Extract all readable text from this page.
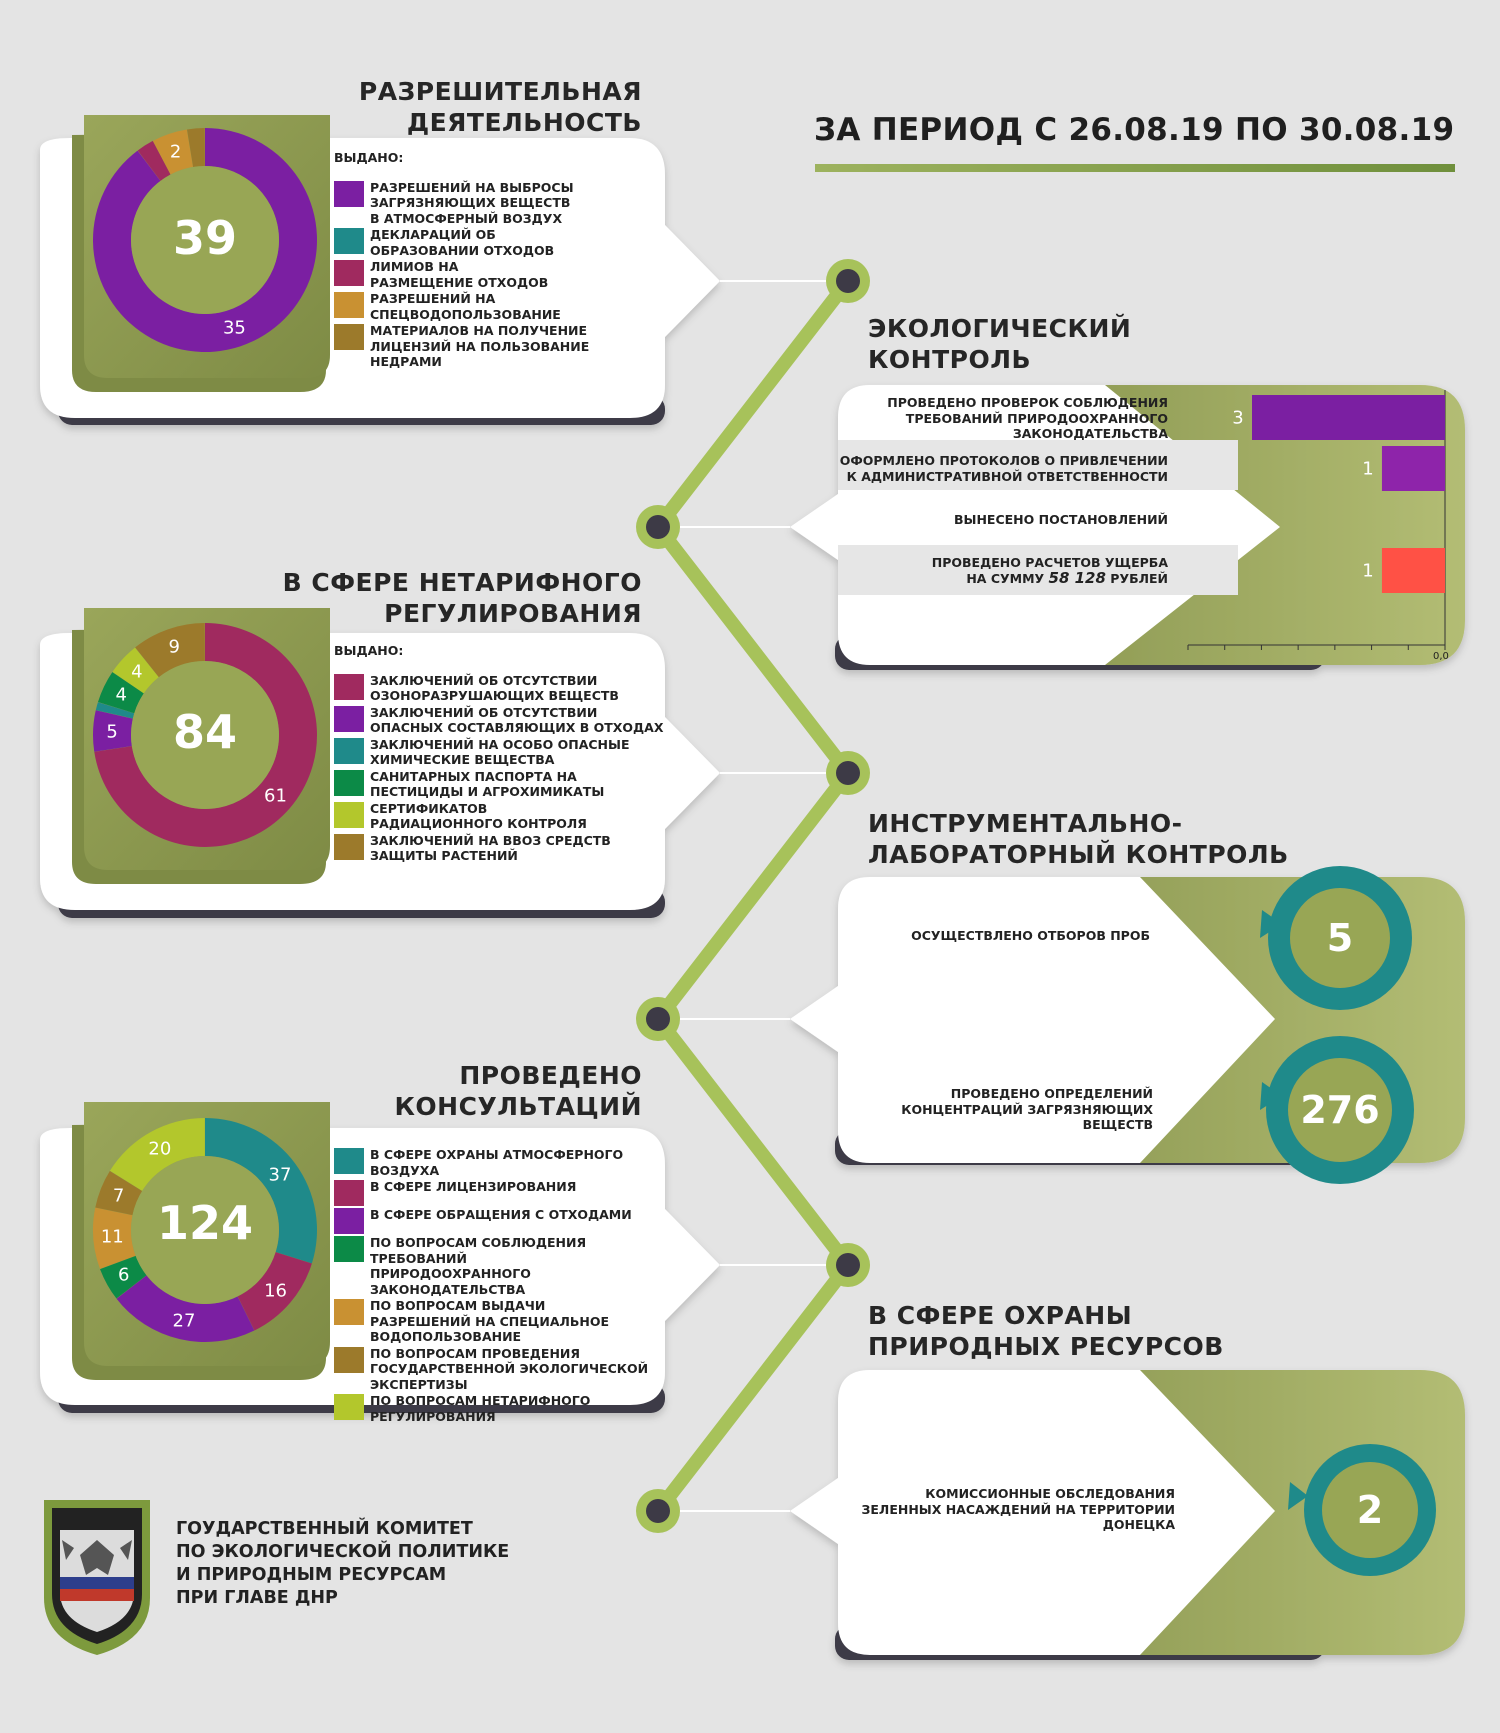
ЗА ПЕРИОД С 26.08.19 ПО 30.08.19
РАЗРЕШИТЕЛЬНАЯ
ДЕЯТЕЛЬНОСТЬ
ЭКОЛОГИЧЕСКИЙ
КОНТРОЛЬ
В СФЕРЕ НЕТАРИФНОГО
РЕГУЛИРОВАНИЯ
ИНСТРУМЕНТАЛЬНО-
ЛАБОРАТОРНЫЙ КОНТРОЛЬ
ПРОВЕДЕНО
КОНСУЛЬТАЦИЙ
В СФЕРЕ ОХРАНЫ
ПРИРОДНЫХ РЕСУРСОВ
39
84
124
35
2
61
5
4
4
9
37
16
27
6
11
7
20
ВЫДАНО:
РАЗРЕШЕНИЙ НА ВЫБРОСЫ
ЗАГРЯЗНЯЮЩИХ ВЕЩЕСТВ
В АТМОСФЕРНЫЙ ВОЗДУХ
ДЕКЛАРАЦИЙ ОБ
ОБРАЗОВАНИИ ОТХОДОВ
ЛИМИОВ НА
РАЗМЕЩЕНИЕ ОТХОДОВ
РАЗРЕШЕНИЙ НА
СПЕЦВОДОПОЛЬЗОВАНИЕ
МАТЕРИАЛОВ НА ПОЛУЧЕНИЕ
ЛИЦЕНЗИЙ НА ПОЛЬЗОВАНИЕ НЕДРАМИ
ВЫДАНО:
ЗАКЛЮЧЕНИЙ ОБ ОТСУТСТВИИ
ОЗОНОРАЗРУШАЮЩИХ ВЕЩЕСТВ
ЗАКЛЮЧЕНИЙ ОБ ОТСУТСТВИИ
ОПАСНЫХ СОСТАВЛЯЮЩИХ В ОТХОДАХ
ЗАКЛЮЧЕНИЙ НА ОСОБО ОПАСНЫЕ
ХИМИЧЕСКИЕ ВЕЩЕСТВА
САНИТАРНЫХ ПАСПОРТА НА
ПЕСТИЦИДЫ И АГРОХИМИКАТЫ
СЕРТИФИКАТОВ
РАДИАЦИОННОГО КОНТРОЛЯ
ЗАКЛЮЧЕНИЙ НА ВВОЗ СРЕДСТВ
ЗАЩИТЫ РАСТЕНИЙ
В СФЕРЕ ОХРАНЫ АТМОСФЕРНОГО
ВОЗДУХА
В СФЕРЕ ЛИЦЕНЗИРОВАНИЯ
В СФЕРЕ ОБРАЩЕНИЯ С ОТХОДАМИ
ПО ВОПРОСАМ СОБЛЮДЕНИЯ ТРЕБОВАНИЙ
ПРИРОДООХРАННОГО ЗАКОНОДАТЕЛЬСТВА
ПО ВОПРОСАМ ВЫДАЧИ
РАЗРЕШЕНИЙ НА СПЕЦИАЛЬНОЕ
ВОДОПОЛЬЗОВАНИЕ
ПО ВОПРОСАМ ПРОВЕДЕНИЯ
ГОСУДАРСТВЕННОЙ ЭКОЛОГИЧЕСКОЙ
ЭКСПЕРТИЗЫ
ПО ВОПРОСАМ НЕТАРИФНОГО
РЕГУЛИРОВАНИЯ
ПРОВЕДЕНО ПРОВЕРОК СОБЛЮДЕНИЯ
ТРЕБОВАНИЙ ПРИРОДООХРАННОГО
ЗАКОНОДАТЕЛЬСТВА
ОФОРМЛЕНО ПРОТОКОЛОВ О ПРИВЛЕЧЕНИИ
К АДМИНИСТРАТИВНОЙ ОТВЕТСТВЕННОСТИ
ВЫНЕСЕНО ПОСТАНОВЛЕНИЙ
ПРОВЕДЕНО РАСЧЕТОВ УЩЕРБА
НА СУММУ 58 128 РУБЛЕЙ
0,0
3
1
1
ОСУЩЕСТВЛЕНО ОТБОРОВ ПРОБ
ПРОВЕДЕНО ОПРЕДЕЛЕНИЙ
КОНЦЕНТРАЦИЙ ЗАГРЯЗНЯЮЩИХ
ВЕЩЕСТВ
5
276
КОМИССИОННЫЕ ОБСЛЕДОВАНИЯ
ЗЕЛЕННЫХ НАСАЖДЕНИЙ НА ТЕРРИТОРИИ
ДОНЕЦКА	2
ГОУДАРСТВЕННЫЙ КОМИТЕТ
ПО ЭКОЛОГИЧЕСКОЙ ПОЛИТИКЕ
И ПРИРОДНЫМ РЕСУРСАМ
ПРИ ГЛАВЕ ДНР
